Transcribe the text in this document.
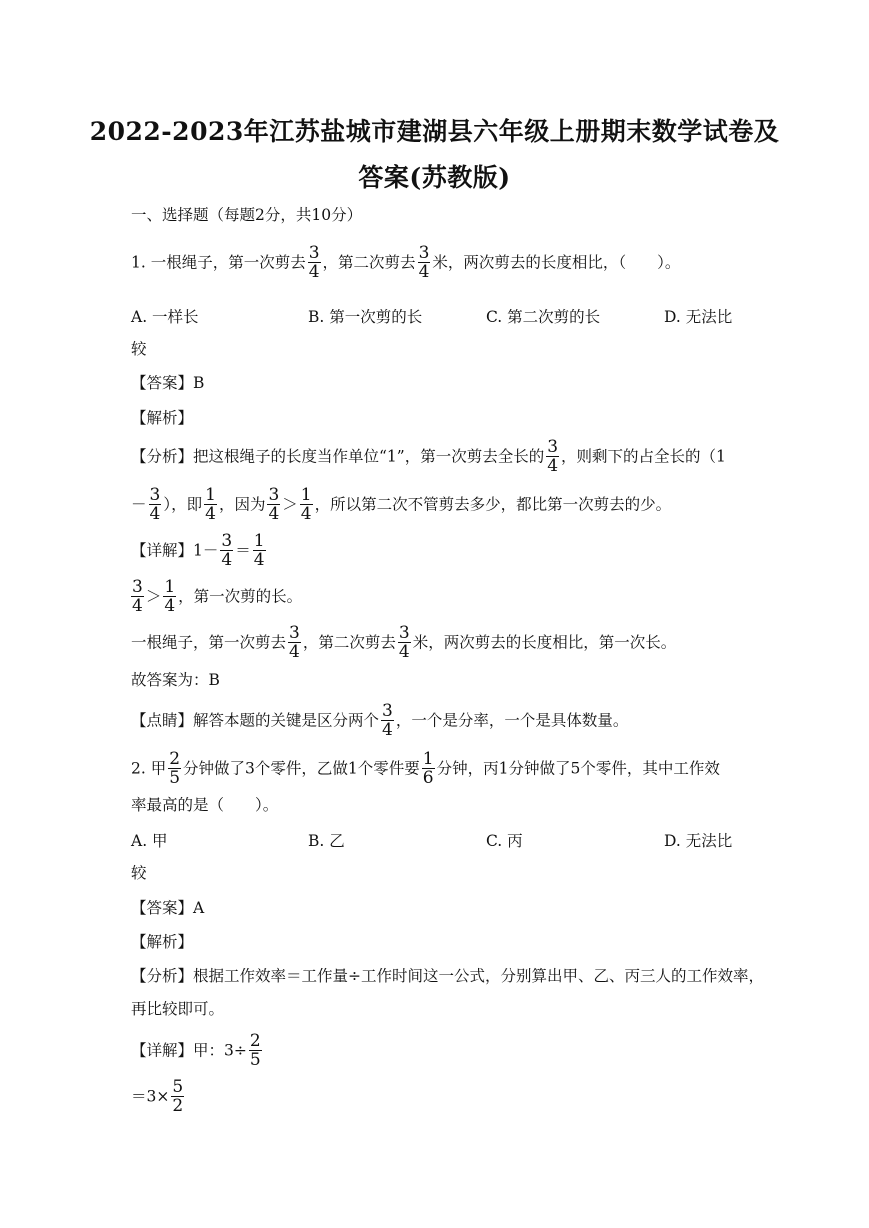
2022-2023年江苏盐城市建湖县六年级上册期末数学试卷及
答案(苏教版)
一、选择题（每题2分，共10分）
1. 一根绳子，第一次剪去 $\frac{3}{4}$ ，第二次剪去 $\frac{3}{4}$ 米，两次剪去的长度相比，（　　）。
A. 一样长	B. 第一次剪的长	C. 第二次剪的长	D. 无法比
较
【答案】B
【解析】
【分析】把这根绳子的长度当作单位“1”，第一次剪去全长的 $\frac{3}{4}$ ，则剩下的占全长的（1
－ $\frac{3}{4}$ ），即 $\frac{1}{4}$ ，因为 $\frac{3}{4} > \frac{1}{4}$ ，所以第二次不管剪去多少，都比第一次剪去的少。
【详解】$1- \frac{3}{4} = \frac{1}{4}$
$\frac{3}{4} > \frac{1}{4}$ ，第一次剪的长。
一根绳子，第一次剪去 $\frac{3}{4}$ ，第二次剪去 $\frac{3}{4}$ 米，两次剪去的长度相比，第一次长。
故答案为：B
【点睛】解答本题的关键是区分两个 $\frac{3}{4}$ ，一个是分率，一个是具体数量。
2. 甲 $\frac{2}{5}$ 分钟做了3个零件，乙做1个零件要 $\frac{1}{6}$ 分钟，丙1分钟做了5个零件，其中工作效
率最高的是（　　）。
A. 甲	B. 乙	C. 丙	D. 无法比
较
【答案】A
【解析】
【分析】根据工作效率＝工作量÷工作时间这一公式，分别算出甲、乙、丙三人的工作效率，
再比较即可。
【详解】甲：$3\div \frac{2}{5}$
$=3\times \frac{5}{2}$
